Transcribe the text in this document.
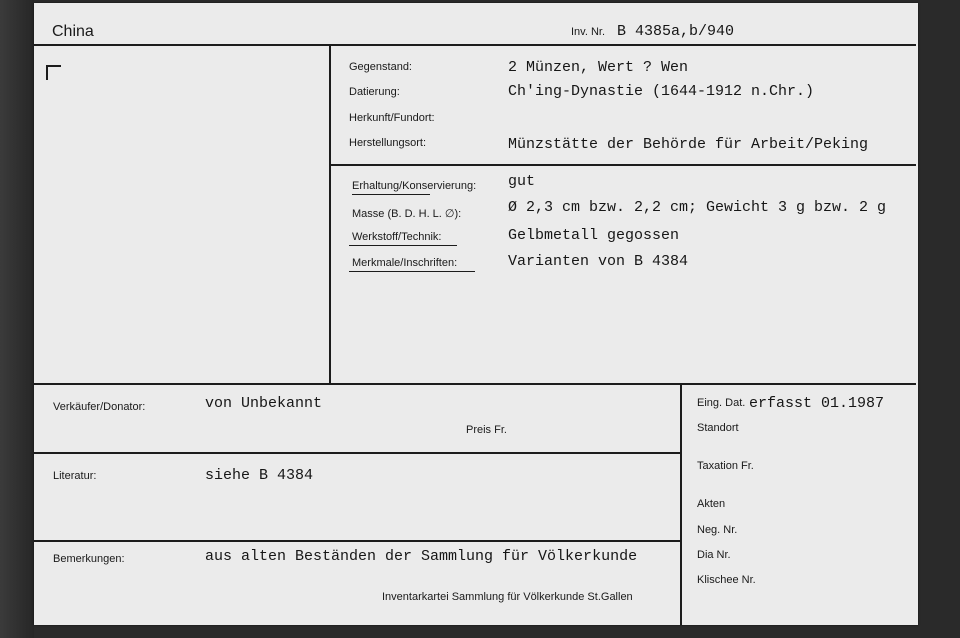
China	Inv. Nr. B 4385a,b/940
Gegenstand:	2 Münzen, Wert ? Wen
Datierung:	Ch'ing-Dynastie (1644-1912 n.Chr.)
Herkunft/Fundort:
Herstellungsort:	Münzstätte der Behörde für Arbeit/Peking
Erhaltung/Konservierung: gut
Masse (B. D. H. L. ∅):	Ø 2,3 cm bzw. 2,2 cm; Gewicht 3 g bzw. 2 g
Werkstoff/Technik:	Gelbmetall gegossen
Merkmale/Inschriften:	Varianten von B 4384
Verkäufer/Donator:	von Unbekannt
Preis Fr.
Literatur:	siehe B 4384
Bemerkungen:	aus alten Beständen der Sammlung für Völkerkunde
Inventarkartei Sammlung für Völkerkunde St.Gallen
Eing. Dat. erfasst 01.1987
Standort
Taxation Fr.
Akten
Neg. Nr.
Dia Nr.
Klischee Nr.
